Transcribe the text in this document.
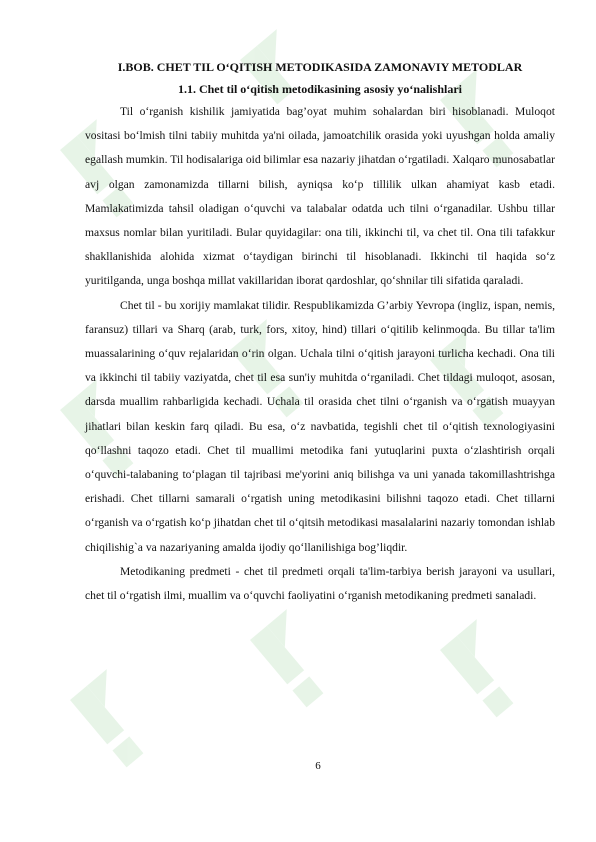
I.BOB. CHET TIL O‘QITISH METODIKASIDA ZAMONAVIY METODLAR
1.1. Chet til o‘qitish metodikasining asosiy yo‘nalishlari

Til o‘rganish kishilik jamiyatida bag’oyat muhim sohalardan biri hisoblanadi. Muloqot vositasi bo‘lmish tilni tabiiy muhitda ya'ni oilada, jamoatchilik orasida yoki uyushgan holda amaliy egallash mumkin. Til hodisalariga oid bilimlar esa nazariy jihatdan o‘rgatiladi. Xalqaro munosabatlar avj olgan zamonamizda tillarni bilish, ayniqsa ko‘p tillilik ulkan ahamiyat kasb etadi. Mamlakatimizda tahsil oladigan o‘quvchi va talabalar odatda uch tilni o‘rganadilar. Ushbu tillar maxsus nomlar bilan yuritiladi. Bular quyidagilar: ona tili, ikkinchi til, va chet til. Ona tili tafakkur shakllanishida alohida xizmat o‘taydigan birinchi til hisoblanadi. Ikkinchi til haqida so‘z yuritilganda, unga boshqa millat vakillaridan iborat qardoshlar, qo‘shnilar tili sifatida qaraladi.

Chet til - bu xorijiy mamlakat tilidir. Respublikamizda G’arbiy Yevropa (ingliz, ispan, nemis, faransuz) tillari va Sharq (arab, turk, fors, xitoy, hind) tillari o‘qitilib kelinmoqda. Bu tillar ta'lim muassalarining o‘quv rejalaridan o‘rin olgan. Uchala tilni o‘qitish jarayoni turlicha kechadi. Ona tili va ikkinchi til tabiiy vaziyatda, chet til esa sun'iy muhitda o‘rganiladi. Chet tildagi muloqot, asosan, darsda muallim rahbarligida kechadi. Uchala til orasida chet tilni o‘rganish va o‘rgatish muayyan jihatlari bilan keskin farq qiladi. Bu esa, o‘z navbatida, tegishli chet til o‘qitish texnologiyasini qo‘llashni taqozo etadi. Chet til muallimi metodika fani yutuqlarini puxta o‘zlashtirish orqali o‘quvchi-talabaning to‘plagan til tajribasi me'yorini aniq bilishga va uni yanada takomillashtrishga erishadi. Chet tillarni samarali o‘rgatish uning metodikasini bilishni taqozo etadi. Chet tillarni o‘rganish va o‘rgatish ko‘p jihatdan chet til o‘qitsih metodikasi masalalarini nazariy tomondan ishlab chiqilishig`a va nazariyaning amalda ijodiy qo‘llanilishiga bog’liqdir.

Metodikaning predmeti - chet til predmeti orqali ta'lim-tarbiya berish jarayoni va usullari, chet til o‘rgatish ilmi, muallim va o‘quvchi faoliyatini o‘rganish metodikaning predmeti sanaladi.

6
